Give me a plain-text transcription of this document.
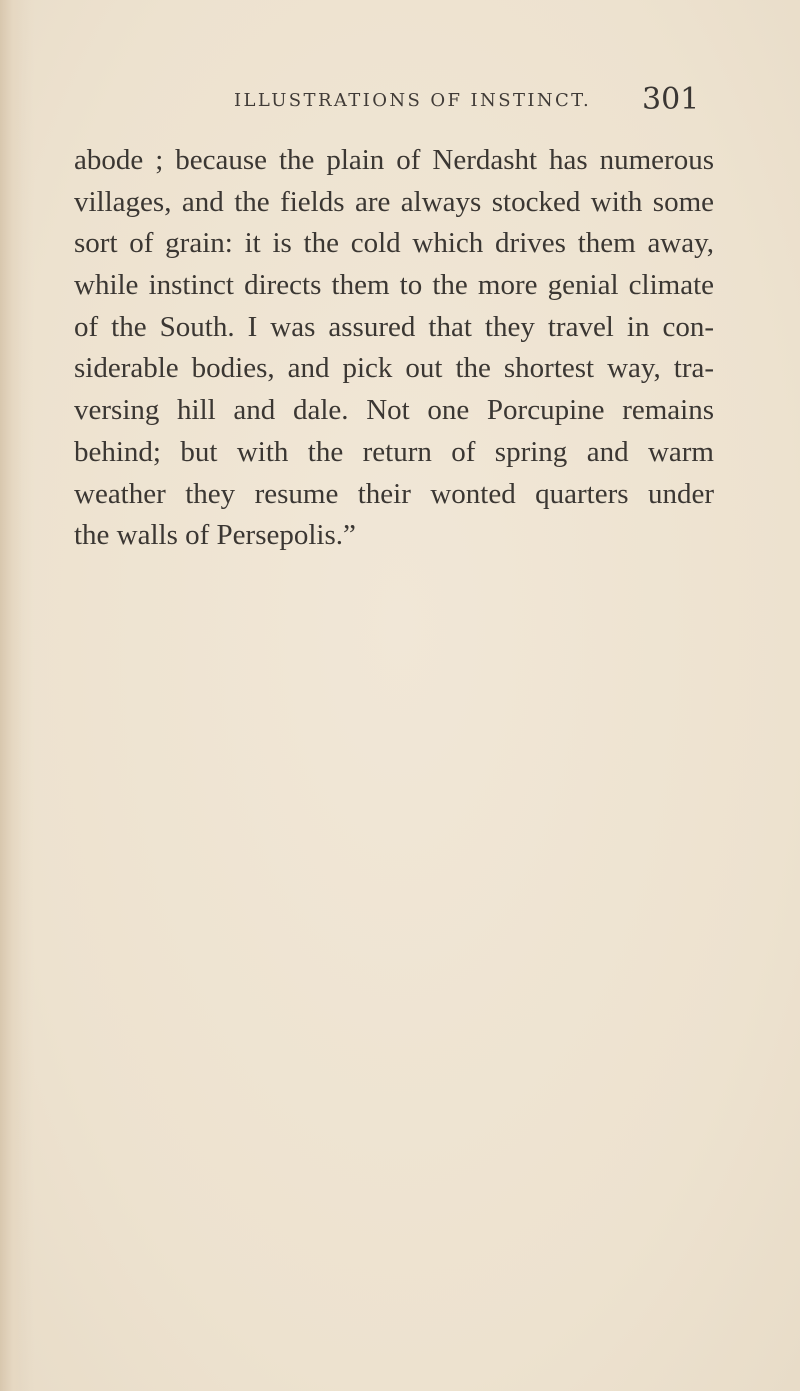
ILLUSTRATIONS OF INSTINCT. 301
abode ; because the plain of Nerdasht has numerous
villages, and the fields are always stocked with some
sort of grain: it is the cold which drives them away,
while instinct directs them to the more genial climate
of the South. I was assured that they travel in con-
siderable bodies, and pick out the shortest way, tra-
versing hill and dale. Not one Porcupine remains
behind; but with the return of spring and warm
weather they resume their wonted quarters under
the walls of Persepolis.”
